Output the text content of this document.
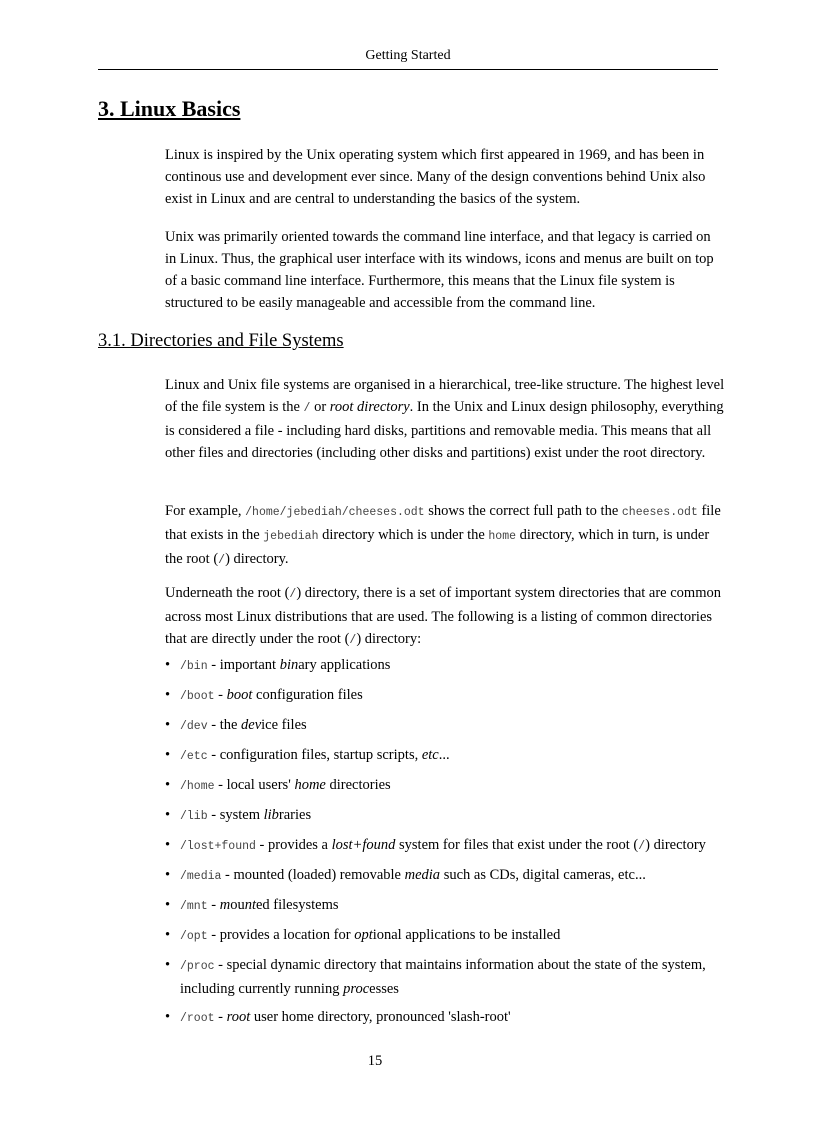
Getting Started
3. Linux Basics

Linux is inspired by the Unix operating system which first appeared in 1969, and has been in continous use and development ever since. Many of the design conventions behind Unix also exist in Linux and are central to understanding the basics of the system.

Unix was primarily oriented towards the command line interface, and that legacy is carried on in Linux. Thus, the graphical user interface with its windows, icons and menus are built on top of a basic command line interface. Furthermore, this means that the Linux file system is structured to be easily manageable and accessible from the command line.

3.1. Directories and File Systems

Linux and Unix file systems are organised in a hierarchical, tree-like structure. The highest level of the file system is the / or root directory. In the Unix and Linux design philosophy, everything is considered a file - including hard disks, partitions and removable media. This means that all other files and directories (including other disks and partitions) exist under the root directory.

For example, /home/jebediah/cheeses.odt shows the correct full path to the cheeses.odt file that exists in the jebediah directory which is under the home directory, which in turn, is under the root (/) directory.

Underneath the root (/) directory, there is a set of important system directories that are common across most Linux distributions that are used. The following is a listing of common directories that are directly under the root (/) directory:

• /bin - important binary applications
• /boot - boot configuration files
• /dev - the device files
• /etc - configuration files, startup scripts, etc...
• /home - local users' home directories
• /lib - system libraries
• /lost+found - provides a lost+found system for files that exist under the root (/) directory
• /media - mounted (loaded) removable media such as CDs, digital cameras, etc...
• /mnt - mounted filesystems
• /opt - provides a location for optional applications to be installed
• /proc - special dynamic directory that maintains information about the state of the system, including currently running processes
• /root - root user home directory, pronounced 'slash-root'
15
